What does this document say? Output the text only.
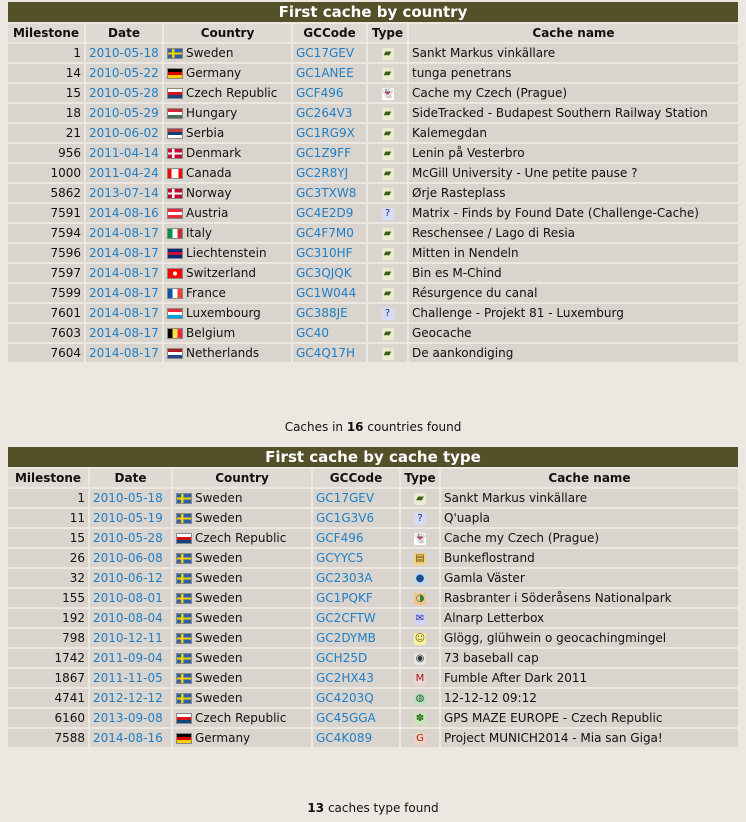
First cache by country					
Milestone	Date	Country	GCCode	Type	Cache name
1	2010-05-18	Sweden	GC17GEV	▰	Sankt Markus vinkällare
14	2010-05-22	Germany	GC1ANEE	▰	tunga penetrans
15	2010-05-28	Czech Republic	GCF496	👻	Cache my Czech (Prague)
18	2010-05-29	Hungary	GC264V3	▰	SideTracked - Budapest Southern Railway Station
21	2010-06-02	Serbia	GC1RG9X	▰	Kalemegdan
956	2011-04-14	Denmark	GC1Z9FF	▰	Lenin på Vesterbro
1000	2011-04-24	Canada	GC2R8YJ	▰	McGill University - Une petite pause ?
5862	2013-07-14	Norway	GC3TXW8	▰	Ørje Rasteplass
7591	2014-08-16	Austria	GC4E2D9	?	Matrix - Finds by Found Date (Challenge-Cache)
7594	2014-08-17	Italy	GC4F7M0	▰	Reschensee / Lago di Resia
7596	2014-08-17	Liechtenstein	GC310HF	▰	Mitten in Nendeln
7597	2014-08-17	Switzerland	GC3QJQK	▰	Bin es M-Chind
7599	2014-08-17	France	GC1W044	▰	Résurgence du canal
7601	2014-08-17	Luxembourg	GC388JE	?	Challenge - Projekt 81 - Luxemburg
7603	2014-08-17	Belgium	GC40	▰	Geocache
7604	2014-08-17	Netherlands	GC4Q17H	▰	De aankondiging
Caches in 16 countries found
First cache by cache type					
Milestone	Date	Country	GCCode	Type	Cache name
1	2010-05-18	Sweden	GC17GEV	▰	Sankt Markus vinkällare
11	2010-05-19	Sweden	GC1G3V6	?	Q'uapla
15	2010-05-28	Czech Republic	GCF496	👻	Cache my Czech (Prague)
26	2010-06-08	Sweden	GCYYC5	▤	Bunkeflostrand
32	2010-06-12	Sweden	GC2303A	●	Gamla Väster
155	2010-08-01	Sweden	GC1PQKF	◑	Rasbranter i Söderåsens Nationalpark
192	2010-08-04	Sweden	GC2CFTW	✉	Alnarp Letterbox
798	2010-12-11	Sweden	GC2DYMB	☺	Glögg, glühwein o geocachingmingel
1742	2011-09-04	Sweden	GCH25D	◉	73 baseball cap
1867	2011-11-05	Sweden	GC2HX43	M	Fumble After Dark 2011
4741	2012-12-12	Sweden	GC4203Q	◍	12-12-12 09:12
6160	2013-09-08	Czech Republic	GC45GGA	✽	GPS MAZE EUROPE - Czech Republic
7588	2014-08-16	Germany	GC4K089	G	Project MUNICH2014 - Mia san Giga!
13 caches type found
